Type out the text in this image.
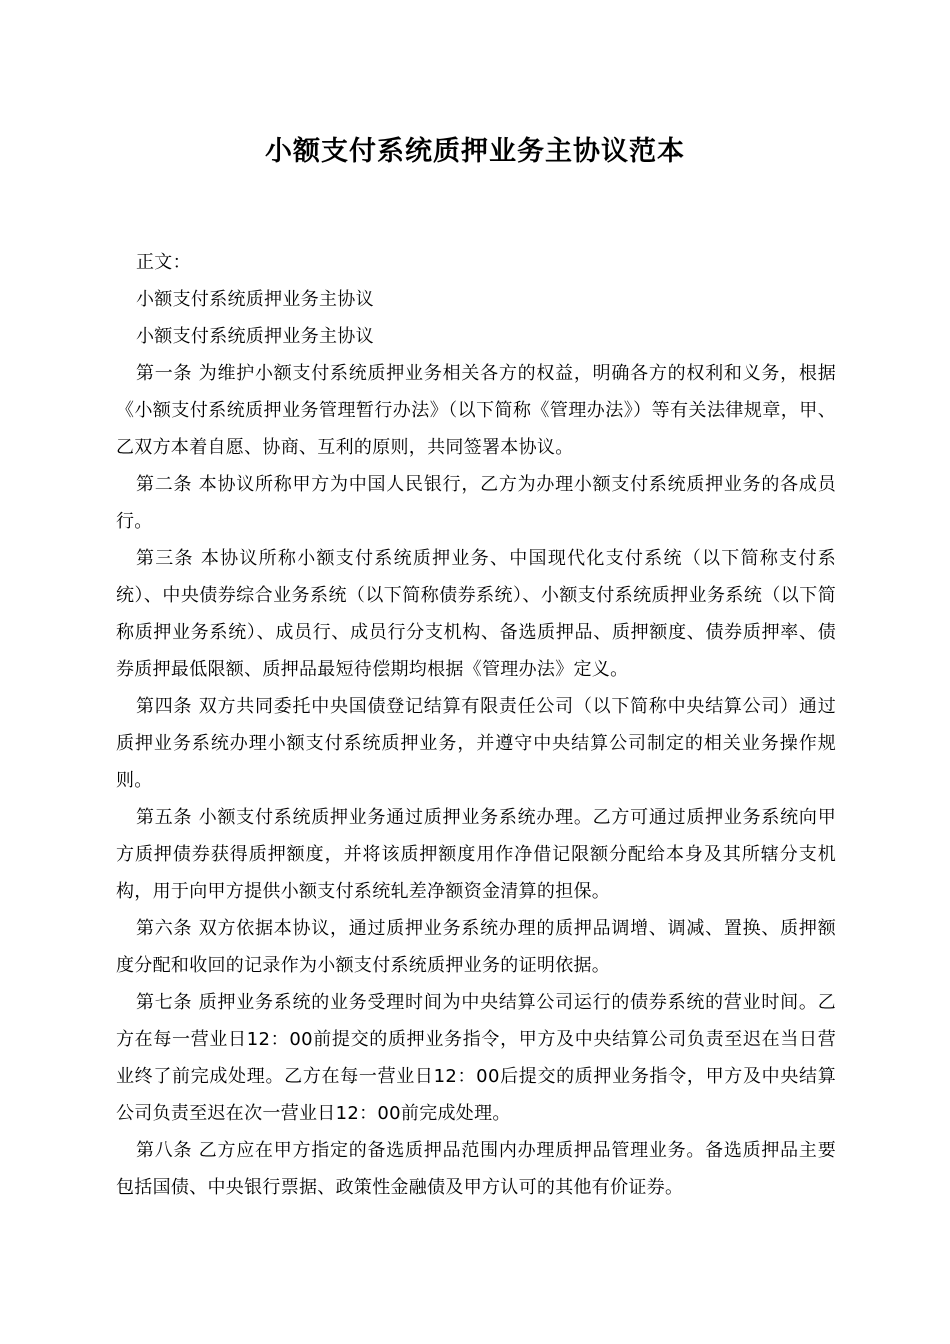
小额支付系统质押业务主协议范本

正文：

小额支付系统质押业务主协议

小额支付系统质押业务主协议

第一条 为维护小额支付系统质押业务相关各方的权益，明确各方的权利和义务，根据《小额支付系统质押业务管理暂行办法》（以下简称《管理办法》）等有关法律规章，甲、乙双方本着自愿、协商、互利的原则，共同签署本协议。

第二条 本协议所称甲方为中国人民银行，乙方为办理小额支付系统质押业务的各成员行。

第三条 本协议所称小额支付系统质押业务、中国现代化支付系统（以下简称支付系统）、中央债券综合业务系统（以下简称债券系统）、小额支付系统质押业务系统（以下简称质押业务系统）、成员行、成员行分支机构、备选质押品、质押额度、债券质押率、债券质押最低限额、质押品最短待偿期均根据《管理办法》定义。

第四条 双方共同委托中央国债登记结算有限责任公司（以下简称中央结算公司）通过质押业务系统办理小额支付系统质押业务，并遵守中央结算公司制定的相关业务操作规则。

第五条 小额支付系统质押业务通过质押业务系统办理。乙方可通过质押业务系统向甲方质押债券获得质押额度，并将该质押额度用作净借记限额分配给本身及其所辖分支机构，用于向甲方提供小额支付系统轧差净额资金清算的担保。

第六条 双方依据本协议，通过质押业务系统办理的质押品调增、调减、置换、质押额度分配和收回的记录作为小额支付系统质押业务的证明依据。

第七条 质押业务系统的业务受理时间为中央结算公司运行的债券系统的营业时间。乙方在每一营业日12：00前提交的质押业务指令，甲方及中央结算公司负责至迟在当日营业终了前完成处理。乙方在每一营业日12：00后提交的质押业务指令，甲方及中央结算公司负责至迟在次一营业日12：00前完成处理。

第八条 乙方应在甲方指定的备选质押品范围内办理质押品管理业务。备选质押品主要包括国债、中央银行票据、政策性金融债及甲方认可的其他有价证券。
